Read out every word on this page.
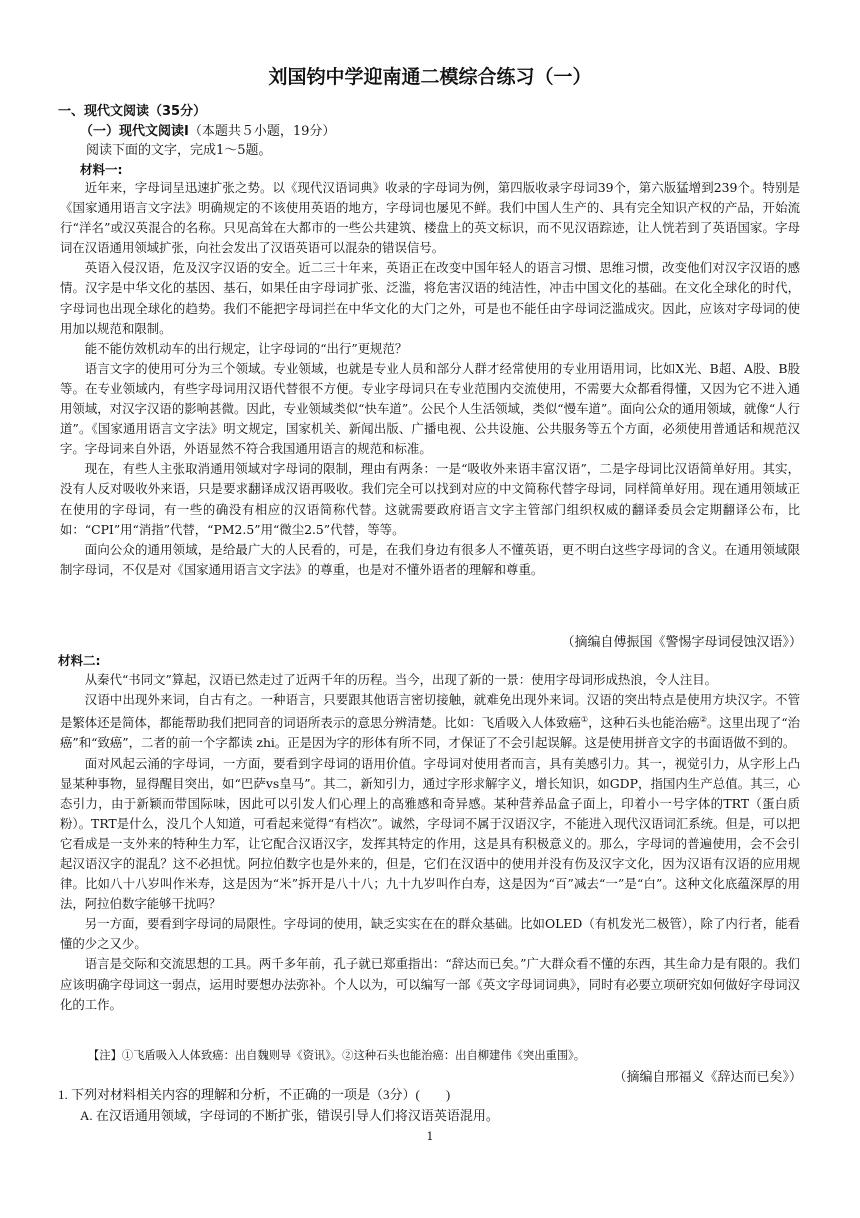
刘国钧中学迎南通二模综合练习（一）
一、现代文阅读（35分）
（一）现代文阅读Ⅰ（本题共５小题，19分）
阅读下面的文字，完成1～5题。
材料一:

近年来，字母词呈迅速扩张之势。以《现代汉语词典》收录的字母词为例，第四版收录字母词39个，第六版猛增到239个。特别是《国家通用语言文字法》明确规定的不该使用英语的地方，字母词也屡见不鲜。我们中国人生产的、具有完全知识产权的产品，开始流行“洋名”或汉英混合的名称。只见高耸在大都市的一些公共建筑、楼盘上的英文标识，而不见汉语踪迹，让人恍若到了英语国家。字母词在汉语通用领域扩张，向社会发出了汉语英语可以混杂的错误信号。

英语入侵汉语，危及汉字汉语的安全。近二三十年来，英语正在改变中国年轻人的语言习惯、思维习惯，改变他们对汉字汉语的感情。汉字是中华文化的基因、基石，如果任由字母词扩张、泛滥，将危害汉语的纯洁性，冲击中国文化的基础。在文化全球化的时代，字母词也出现全球化的趋势。我们不能把字母词拦在中华文化的大门之外，可是也不能任由字母词泛滥成灾。因此，应该对字母词的使用加以规范和限制。

能不能仿效机动车的出行规定，让字母词的“出行”更规范？

语言文字的使用可分为三个领域。专业领域，也就是专业人员和部分人群才经常使用的专业用语用词，比如X光、B超、A股、B股等。在专业领域内，有些字母词用汉语代替很不方便。专业字母词只在专业范围内交流使用，不需要大众都看得懂，又因为它不进入通用领域，对汉字汉语的影响甚微。因此，专业领域类似“快车道”。公民个人生活领域，类似“慢车道”。面向公众的通用领域，就像“人行道”。《国家通用语言文字法》明文规定，国家机关、新闻出版、广播电视、公共设施、公共服务等五个方面，必须使用普通话和规范汉字。字母词来自外语，外语显然不符合我国通用语言的规范和标准。

现在，有些人主张取消通用领域对字母词的限制，理由有两条：一是“吸收外来语丰富汉语”，二是字母词比汉语简单好用。其实，没有人反对吸收外来语，只是要求翻译成汉语再吸收。我们完全可以找到对应的中文简称代替字母词，同样简单好用。现在通用领域正在使用的字母词，有一些的确没有相应的汉语简称代替。这就需要政府语言文字主管部门组织权威的翻译委员会定期翻译公布，比如：“CPI”用“消指”代替，“PM2.5”用“微尘2.5”代替，等等。

面向公众的通用领域，是给最广大的人民看的，可是，在我们身边有很多人不懂英语，更不明白这些字母词的含义。在通用领域限制字母词，不仅是对《国家通用语言文字法》的尊重，也是对不懂外语者的理解和尊重。

（摘编自傅振国《警惕字母词侵蚀汉语》）
材料二:

从秦代“书同文”算起，汉语已然走过了近两千年的历程。当今，出现了新的一景：使用字母词形成热浪，令人注目。

汉语中出现外来词，自古有之。一种语言，只要跟其他语言密切接触，就难免出现外来词。汉语的突出特点是使用方块汉字。不管是繁体还是简体，都能帮助我们把同音的词语所表示的意思分辨清楚。比如：飞盾吸入人体致癌①，这种石头也能治癌②。这里出现了“治癌”和“致癌”，二者的前一个字都读 zhi。正是因为字的形体有所不同，才保证了不会引起误解。这是使用拼音文字的书面语做不到的。

面对风起云涌的字母词，一方面，要看到字母词的语用价值。字母词对使用者而言，具有美感引力。其一，视觉引力，从字形上凸显某种事物，显得醒目突出，如“巴萨vs皇马”。其二，新知引力，通过字形求解字义，增长知识，如GDP，指国内生产总值。其三，心态引力，由于新颖而带国际味，因此可以引发人们心理上的高雅感和奇异感。某种营养品盒子面上，印着小一号字体的TRT（蛋白质粉）。TRT是什么，没几个人知道，可看起来觉得“有档次”。诚然，字母词不属于汉语汉字，不能进入现代汉语词汇系统。但是，可以把它看成是一支外来的特种生力军，让它配合汉语汉字，发挥其特定的作用，这是具有积极意义的。那么，字母词的普遍使用，会不会引起汉语汉字的混乱？这不必担忧。阿拉伯数字也是外来的，但是，它们在汉语中的使用并没有伤及汉字文化，因为汉语有汉语的应用规律。比如八十八岁叫作米寿，这是因为“米”拆开是八十八；九十九岁叫作白寿，这是因为“百”减去“一”是“白”。这种文化底蕴深厚的用法，阿拉伯数字能够干扰吗？

另一方面，要看到字母词的局限性。字母词的使用，缺乏实实在在的群众基础。比如OLED（有机发光二极管），除了内行者，能看懂的少之又少。

语言是交际和交流思想的工具。两千多年前，孔子就已郑重指出：“辞达而已矣。”广大群众看不懂的东西，其生命力是有限的。我们应该明确字母词这一弱点，运用时要想办法弥补。个人以为，可以编写一部《英文字母词词典》，同时有必要立项研究如何做好字母词汉化的工作。

【注】①飞盾吸入人体致癌：出自魏则导《资讯》。②这种石头也能治癌：出自柳建伟《突出重围》。
（摘编自邢福义《辞达而已矣》）
1. 下列对材料相关内容的理解和分析，不正确的一项是（3分）(　　)
A. 在汉语通用领域，字母词的不断扩张，错误引导人们将汉语英语混用。
1
